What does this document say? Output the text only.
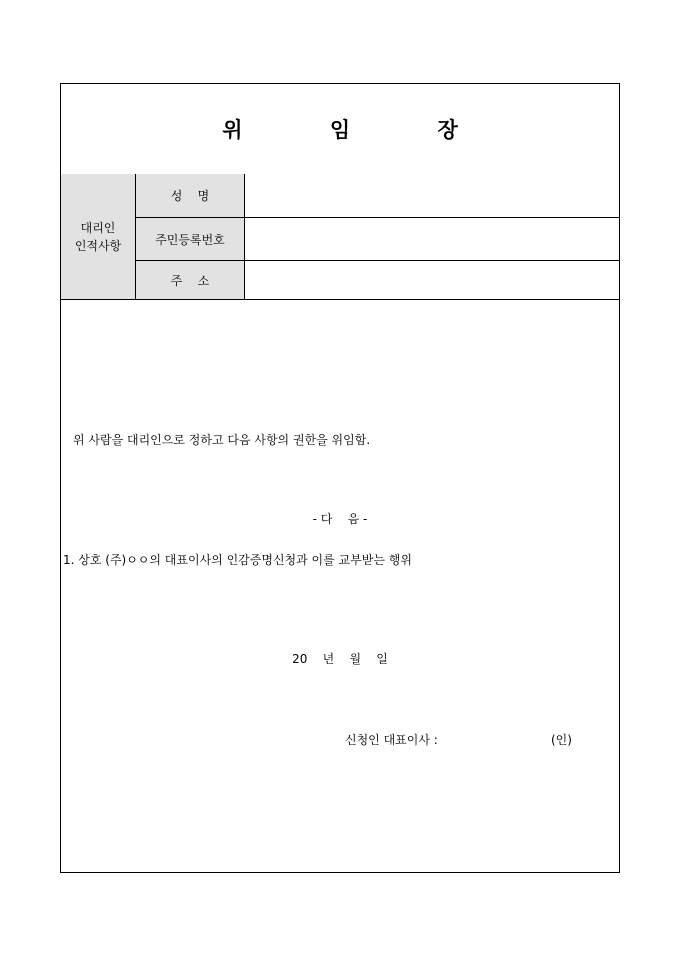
위 임 장
대리인
인적사항
성    명
주민등록번호
주    소
위 사람을 대리인으로 정하고 다음 사항의 권한을 위임함.
- 다    음 -
1. 상호 (주)ㅇㅇ의 대표이사의 인감증명신청과 이를 교부받는 행위
20    년    월    일
신청인 대표이사 :	(인)
